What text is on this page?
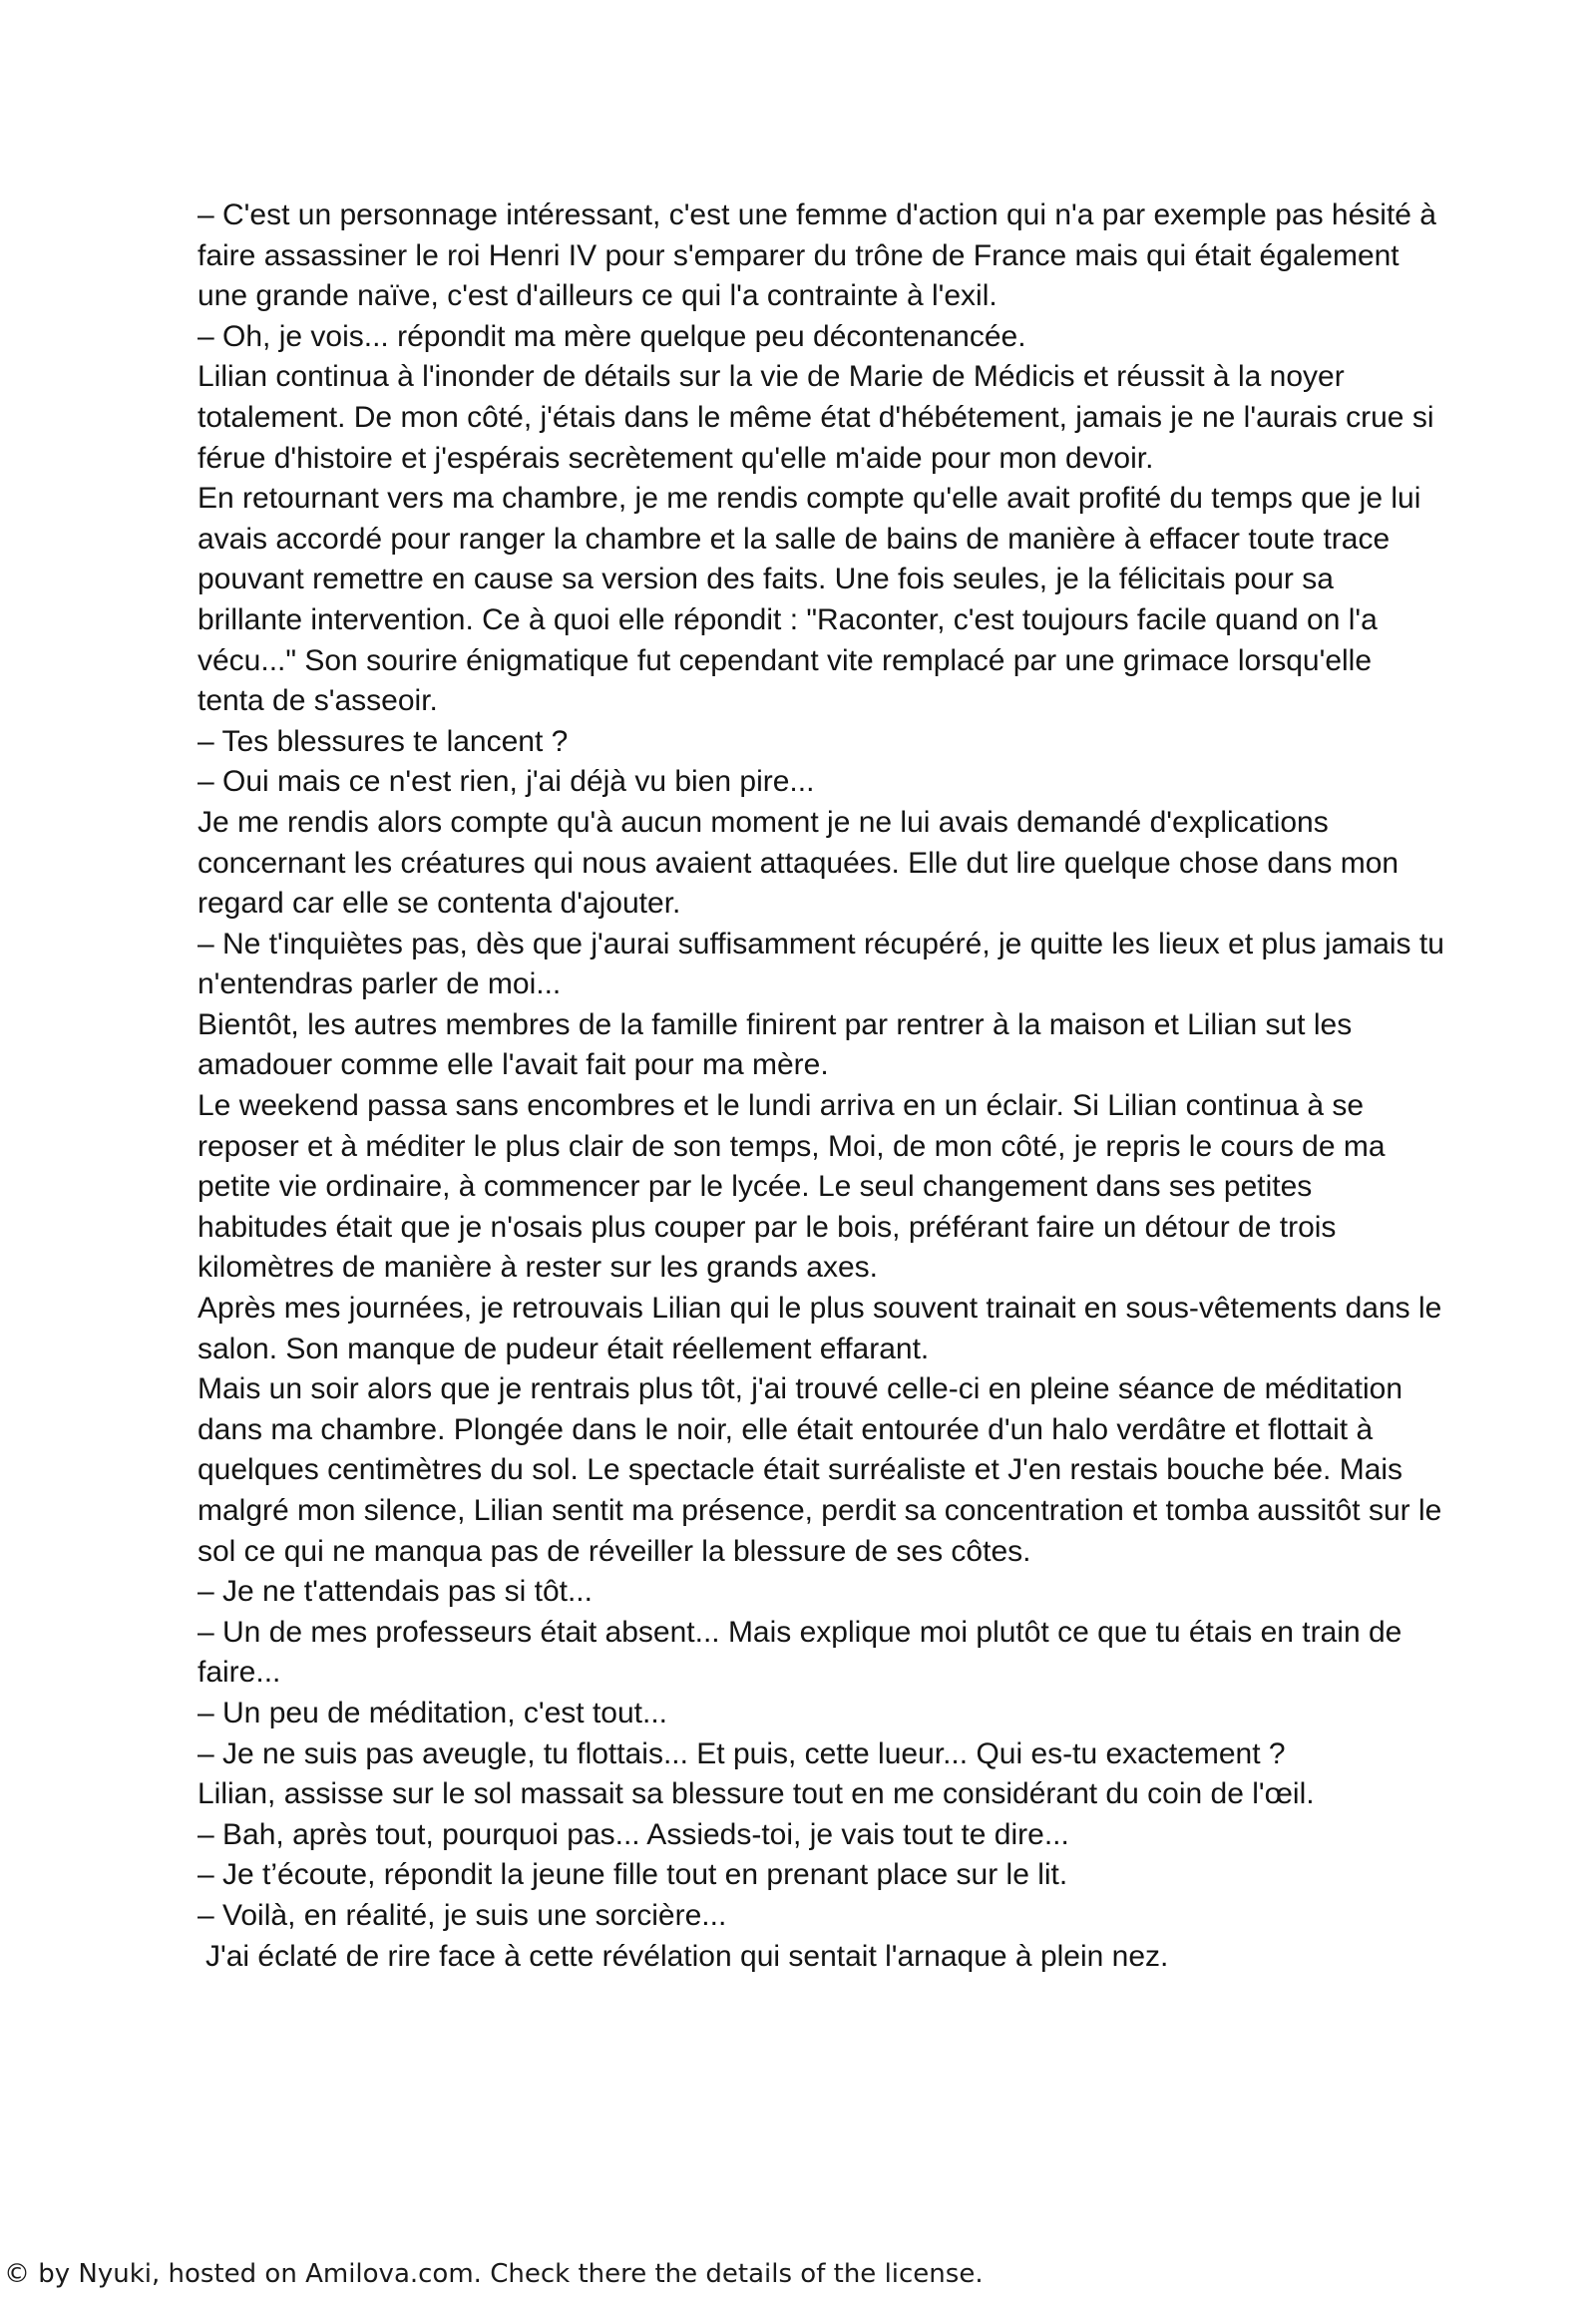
– C'est un personnage intéressant, c'est une femme d'action qui n'a par exemple pas hésité à faire assassiner le roi Henri IV pour s'emparer du trône de France mais qui était également une grande naïve, c'est d'ailleurs ce qui l'a contrainte à l'exil.

– Oh, je vois... répondit ma mère quelque peu décontenancée.

Lilian continua à l'inonder de détails sur la vie de Marie de Médicis et réussit à la noyer totalement. De mon côté, j'étais dans le même état d'hébétement, jamais je ne l'aurais crue si férue d'histoire et j'espérais secrètement qu'elle m'aide pour mon devoir.

En retournant vers ma chambre, je me rendis compte qu'elle avait profité du temps que je lui avais accordé pour ranger la chambre et la salle de bains de manière à effacer toute trace pouvant remettre en cause sa version des faits. Une fois seules, je la félicitais pour sa brillante intervention. Ce à quoi elle répondit : "Raconter, c'est toujours facile quand on l'a vécu..." Son sourire énigmatique fut cependant vite remplacé par une grimace lorsqu'elle tenta de s'asseoir.

– Tes blessures te lancent ?

– Oui mais ce n'est rien, j'ai déjà vu bien pire...

Je me rendis alors compte qu'à aucun moment je ne lui avais demandé d'explications concernant les créatures qui nous avaient attaquées. Elle dut lire quelque chose dans mon regard car elle se contenta d'ajouter.

– Ne t'inquiètes pas, dès que j'aurai suffisamment récupéré, je quitte les lieux et plus jamais tu n'entendras parler de moi...

Bientôt, les autres membres de la famille finirent par rentrer à la maison et Lilian sut les amadouer comme elle l'avait fait pour ma mère.

Le weekend passa sans encombres et le lundi arriva en un éclair. Si Lilian continua à se reposer et à méditer le plus clair de son temps, Moi, de mon côté, je repris le cours de ma petite vie ordinaire, à commencer par le lycée. Le seul changement dans ses petites habitudes était que je n'osais plus couper par le bois, préférant faire un détour de trois kilomètres de manière à rester sur les grands axes.

Après mes journées, je retrouvais Lilian qui le plus souvent trainait en sous-vêtements dans le salon. Son manque de pudeur était réellement effarant.

Mais un soir alors que je rentrais plus tôt, j'ai trouvé celle-ci en pleine séance de méditation dans ma chambre. Plongée dans le noir, elle était entourée d'un halo verdâtre et flottait à quelques centimètres du sol. Le spectacle était surréaliste et J'en restais bouche bée. Mais malgré mon silence, Lilian sentit ma présence, perdit sa concentration et tomba aussitôt sur le sol ce qui ne manqua pas de réveiller la blessure de ses côtes.

– Je ne t'attendais pas si tôt...

– Un de mes professeurs était absent... Mais explique moi plutôt ce que tu étais en train de faire...

– Un peu de méditation, c'est tout...

– Je ne suis pas aveugle, tu flottais... Et puis, cette lueur... Qui es-tu exactement ?

Lilian, assisse sur le sol massait sa blessure tout en me considérant du coin de l'œil.

– Bah, après tout, pourquoi pas... Assieds-toi, je vais tout te dire...

– Je t’écoute, répondit la jeune fille tout en prenant place sur le lit.

– Voilà, en réalité, je suis une sorcière...

J'ai éclaté de rire face à cette révélation qui sentait l'arnaque à plein nez.

© by Nyuki, hosted on Amilova.com. Check there the details of the license.
